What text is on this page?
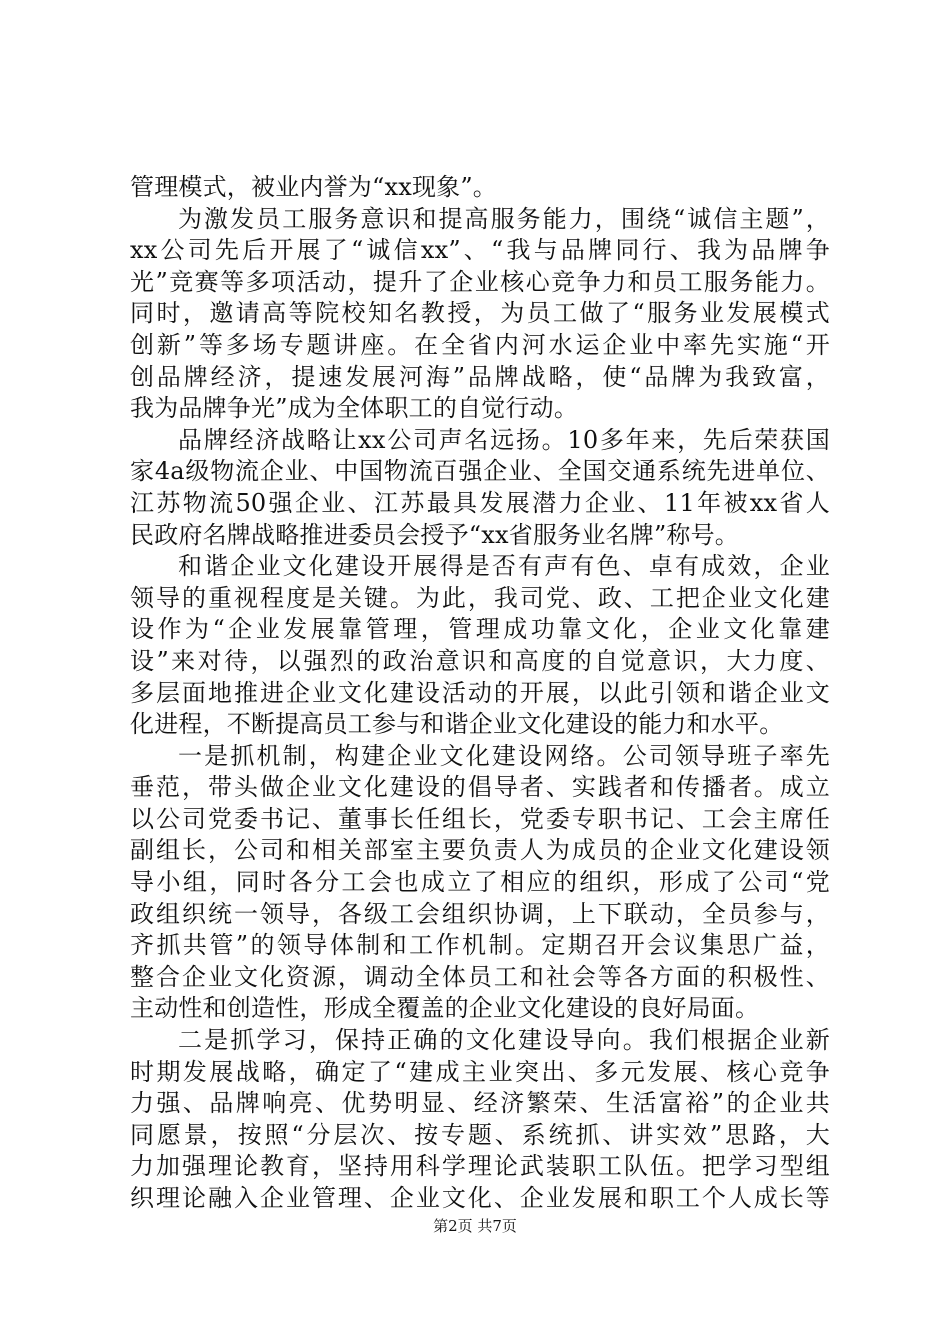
管理模式，被业内誉为“xx现象”。
为激发员工服务意识和提高服务能力，围绕“诚信主题”，
xx公司先后开展了“诚信xx”、“我与品牌同行、我为品牌争
光”竞赛等多项活动，提升了企业核心竞争力和员工服务能力。
同时，邀请高等院校知名教授，为员工做了“服务业发展模式
创新”等多场专题讲座。在全省内河水运企业中率先实施“开
创品牌经济，提速发展河海”品牌战略，使“品牌为我致富，
我为品牌争光”成为全体职工的自觉行动。
品牌经济战略让xx公司声名远扬。10多年来，先后荣获国
家4a级物流企业、中国物流百强企业、全国交通系统先进单位、
江苏物流50强企业、江苏最具发展潜力企业、11年被xx省人
民政府名牌战略推进委员会授予“xx省服务业名牌”称号。
和谐企业文化建设开展得是否有声有色、卓有成效，企业
领导的重视程度是关键。为此，我司党、政、工把企业文化建
设作为“企业发展靠管理，管理成功靠文化，企业文化靠建
设”来对待，以强烈的政治意识和高度的自觉意识，大力度、
多层面地推进企业文化建设活动的开展，以此引领和谐企业文
化进程，不断提高员工参与和谐企业文化建设的能力和水平。
一是抓机制，构建企业文化建设网络。公司领导班子率先
垂范，带头做企业文化建设的倡导者、实践者和传播者。成立
以公司党委书记、董事长任组长，党委专职书记、工会主席任
副组长，公司和相关部室主要负责人为成员的企业文化建设领
导小组，同时各分工会也成立了相应的组织，形成了公司“党
政组织统一领导，各级工会组织协调，上下联动，全员参与，
齐抓共管”的领导体制和工作机制。定期召开会议集思广益，
整合企业文化资源，调动全体员工和社会等各方面的积极性、
主动性和创造性，形成全覆盖的企业文化建设的良好局面。
二是抓学习，保持正确的文化建设导向。我们根据企业新
时期发展战略，确定了“建成主业突出、多元发展、核心竞争
力强、品牌响亮、优势明显、经济繁荣、生活富裕”的企业共
同愿景，按照“分层次、按专题、系统抓、讲实效”思路，大
力加强理论教育，坚持用科学理论武装职工队伍。把学习型组
织理论融入企业管理、企业文化、企业发展和职工个人成长等
第2页 共7页
